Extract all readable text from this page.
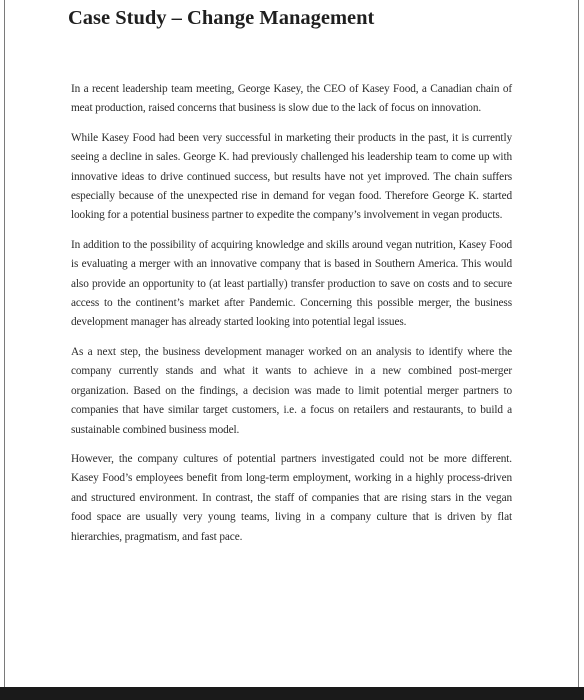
Case Study – Change Management

In a recent leadership team meeting, George Kasey, the CEO of Kasey Food, a Canadian chain of meat production, raised concerns that business is slow due to the lack of focus on innovation.

While Kasey Food had been very successful in marketing their products in the past, it is currently seeing a decline in sales. George K. had previously challenged his leadership team to come up with innovative ideas to drive continued success, but results have not yet improved. The chain suffers especially because of the unexpected rise in demand for vegan food. Therefore George K. started looking for a potential business partner to expedite the company’s involvement in vegan products.

In addition to the possibility of acquiring knowledge and skills around vegan nutrition, Kasey Food is evaluating a merger with an innovative company that is based in Southern America. This would also provide an opportunity to (at least partially) transfer production to save on costs and to secure access to the continent’s market after Pandemic. Concerning this possible merger, the business development manager has already started looking into potential legal issues.

As a next step, the business development manager worked on an analysis to identify where the company currently stands and what it wants to achieve in a new combined post-merger organization. Based on the findings, a decision was made to limit potential merger partners to companies that have similar target customers, i.e. a focus on retailers and restaurants, to build a sustainable combined business model.

However, the company cultures of potential partners investigated could not be more different. Kasey Food’s employees benefit from long-term employment, working in a highly process-driven and structured environment. In contrast, the staff of companies that are rising stars in the vegan food space are usually very young teams, living in a company culture that is driven by flat hierarchies, pragmatism, and fast pace.
